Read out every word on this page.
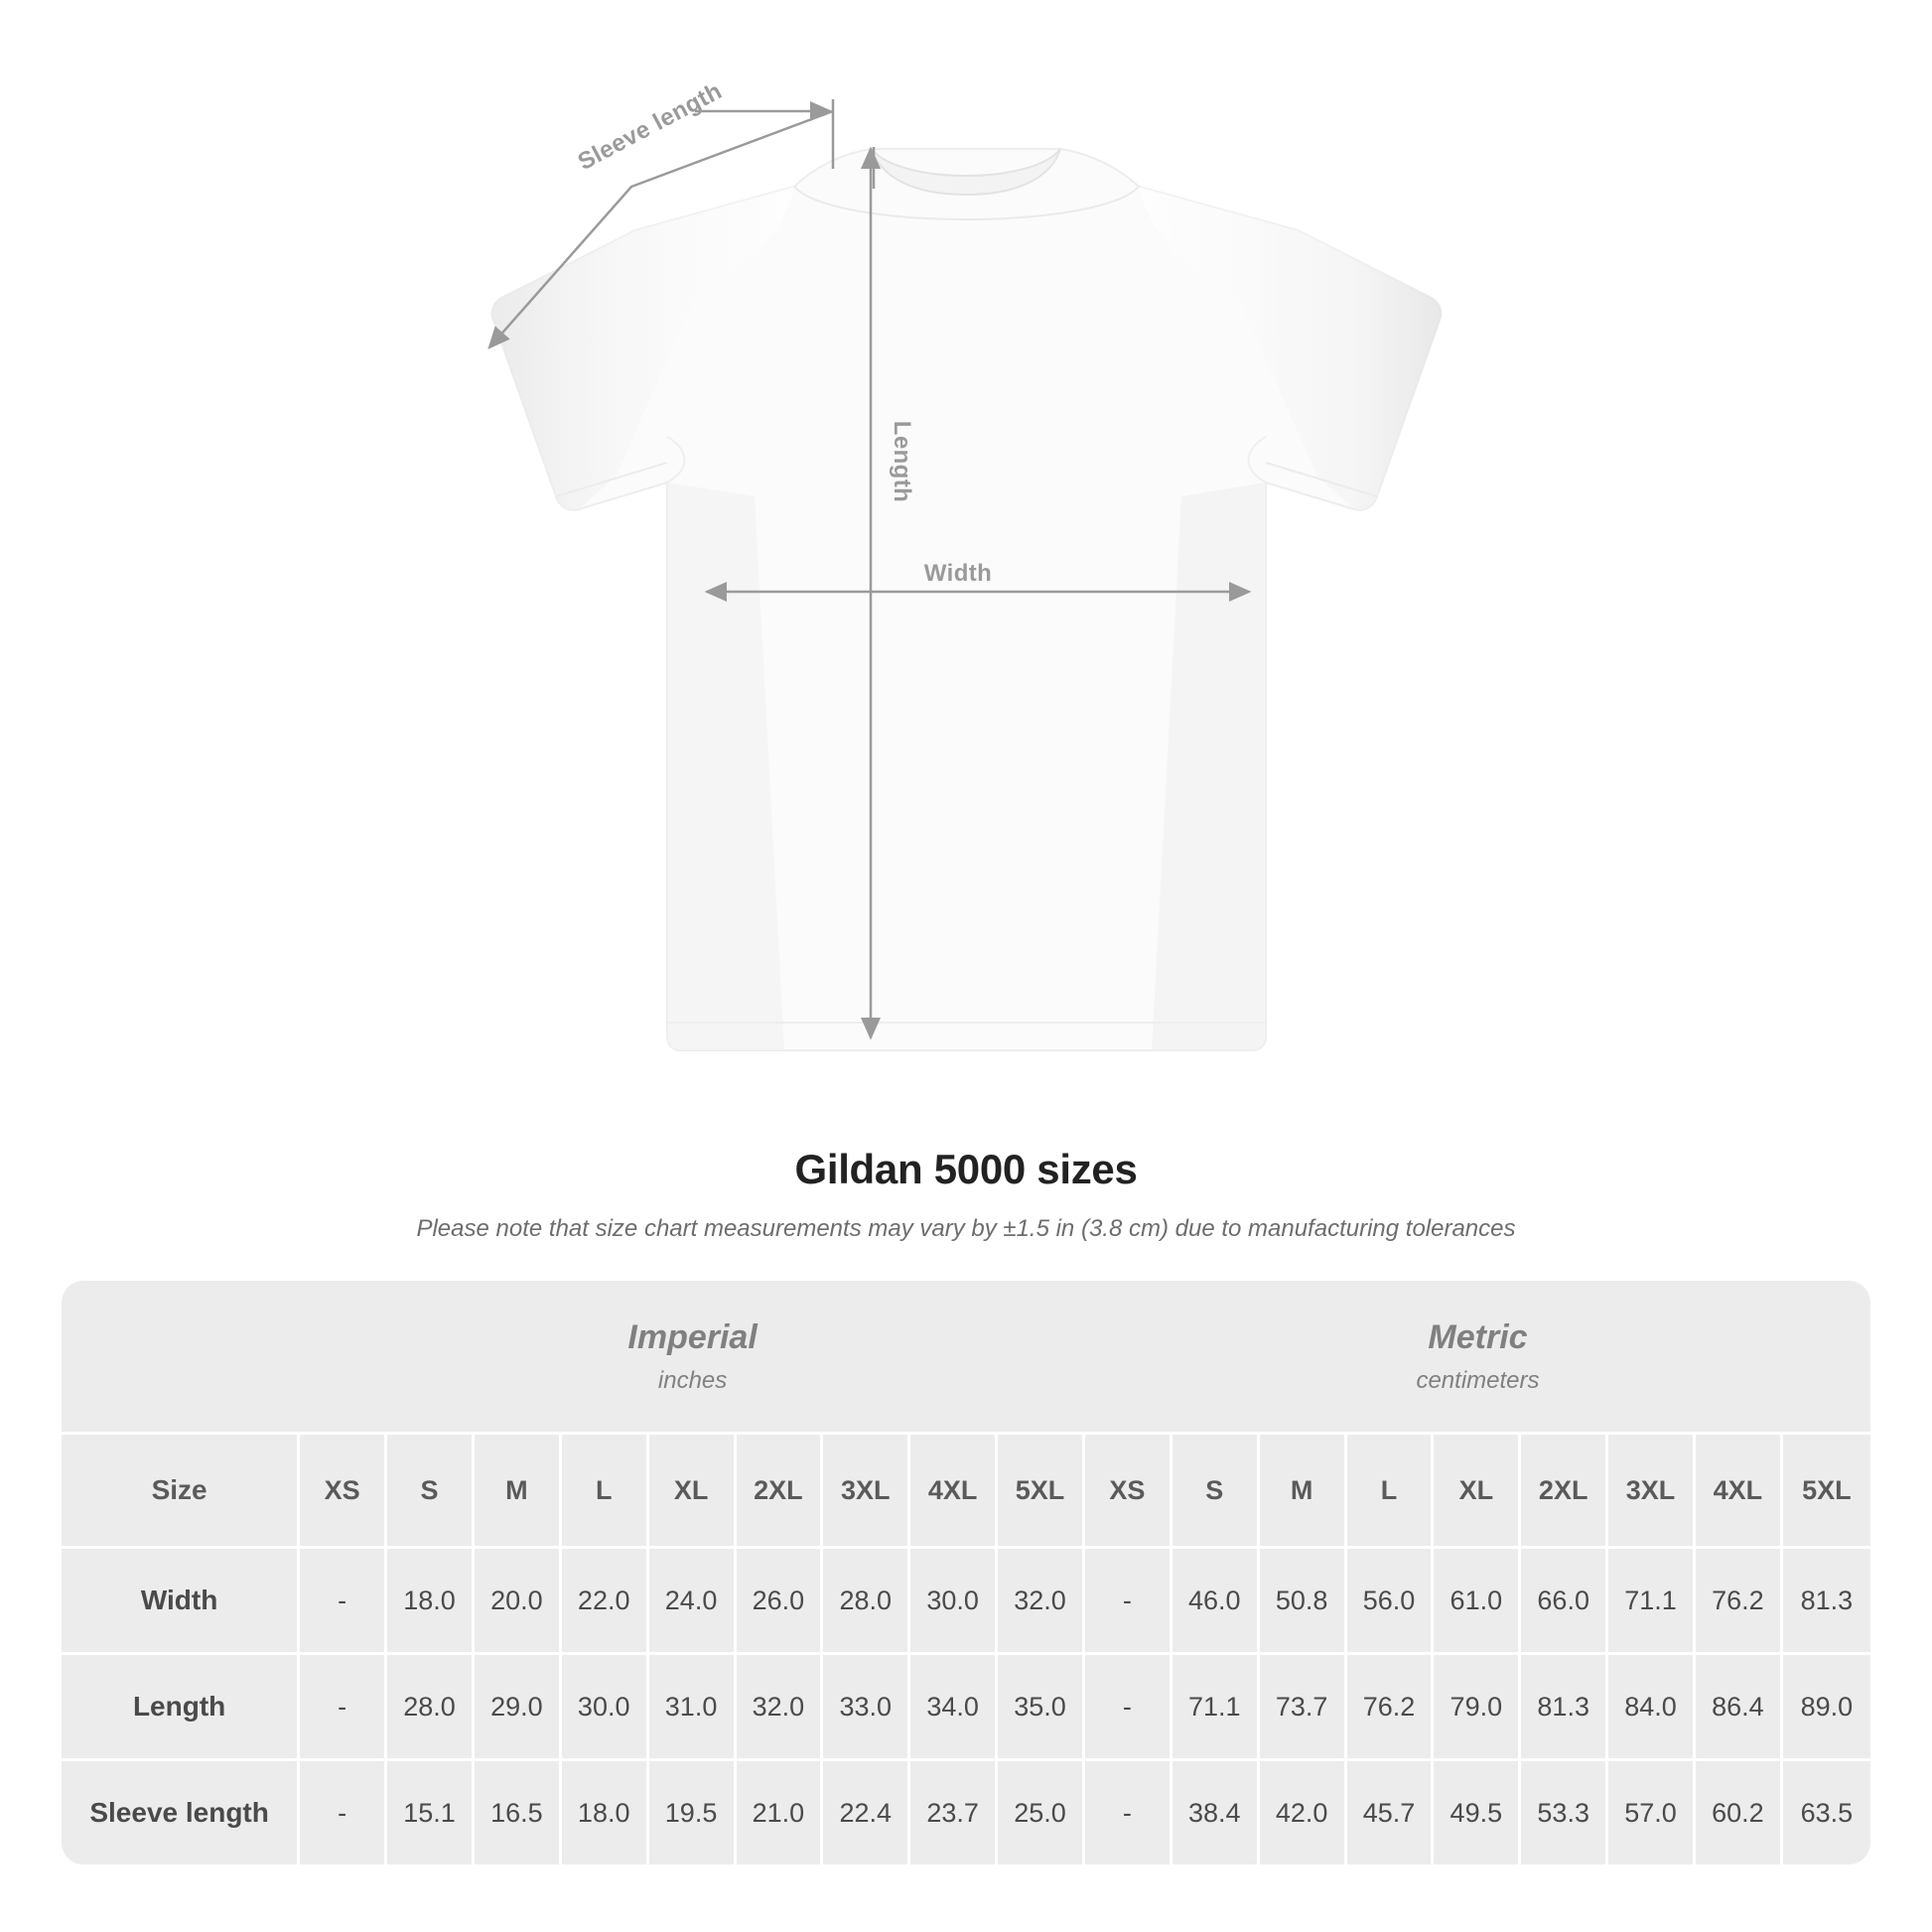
Sleeve length
Length
Width
Gildan 5000 sizes
Please note that size chart measurements may vary by ±1.5 in (3.8 cm) due to manufacturing tolerances

	Imperial
inches									Metric
centimeters								

Size	XS	S	M	L	XL	2XL	3XL	4XL	5XL	XS	S	M	L	XL	2XL	3XL	4XL	5XL
Width	-	18.0	20.0	22.0	24.0	26.0	28.0	30.0	32.0	-	46.0	50.8	56.0	61.0	66.0	71.1	76.2	81.3
Length	-	28.0	29.0	30.0	31.0	32.0	33.0	34.0	35.0	-	71.1	73.7	76.2	79.0	81.3	84.0	86.4	89.0
Sleeve length	-	15.1	16.5	18.0	19.5	21.0	22.4	23.7	25.0	-	38.4	42.0	45.7	49.5	53.3	57.0	60.2	63.5
